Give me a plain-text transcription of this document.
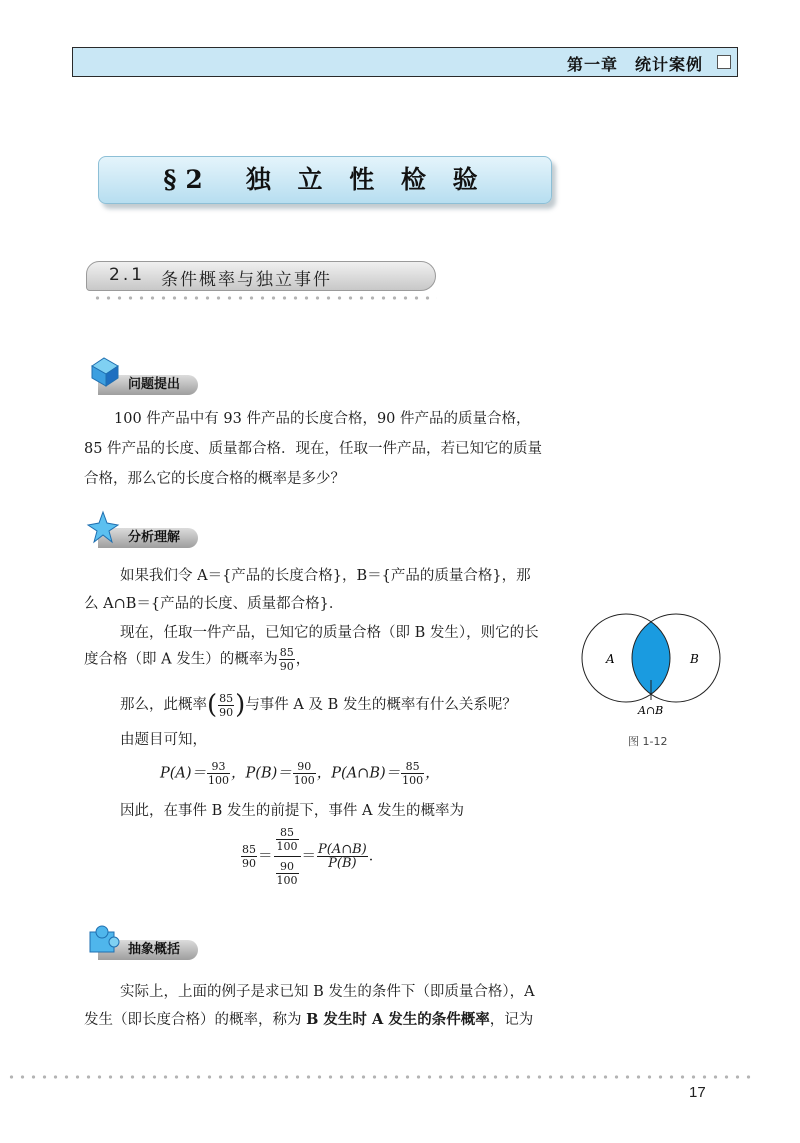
第一章　 统计案例
§2　独 立 性 检 验
2.1 条件概率与独立事件
问题提出
100 件产品中有 93 件产品的长度合格，90 件产品的质量合格，
85 件产品的长度、质量都合格．现在，任取一件产品，若已知它的质量
合格，那么它的长度合格的概率是多少？
分析理解
如果我们令 A＝{产品的长度合格}，B＝{产品的质量合格}，那
么 A∩B＝{产品的长度、质量都合格}．
现在，任取一件产品，已知它的质量合格（即 B 发生），则它的长
度合格（即 A 发生）的概率为 $\frac{85}{90}$ ，
那么，此概率( $\frac{85}{90}$ )与事件 A 及 B 发生的概率有什么关系呢？
由题目可知，
$P(A)= \frac{93}{100}$ ，$P(B)= \frac{90}{100}$ ，P(A∩B)＝ $\frac{85}{100}$ ，
因此，在事件 B 发生的前提下，事件 A 发生的概率为
$\frac{85}{90} = \frac{\frac{85}{100}}{\frac{90}{100}} = \frac{P(A\cap B)}{P(B)}$ ．
A	B
A∩B
图 1-12
抽象概括
实际上，上面的例子是求已知 B 发生的条件下（即质量合格），A
发生（即长度合格）的概率，称为 B 发生时 A 发生的条件概率，记为
17
